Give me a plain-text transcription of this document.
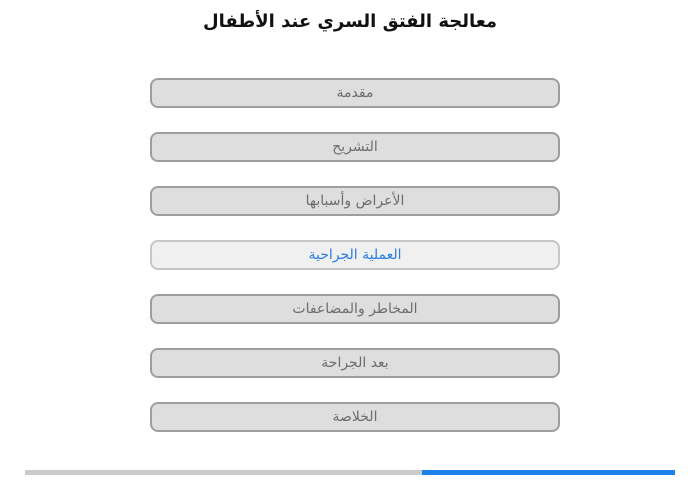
معالجة الفتق السري عند الأطفال
مقدمة
التشريح
الأعراض وأسبابها
العملية الجراحية
المخاطر والمضاعفات
بعد الجراحة
الخلاصة
